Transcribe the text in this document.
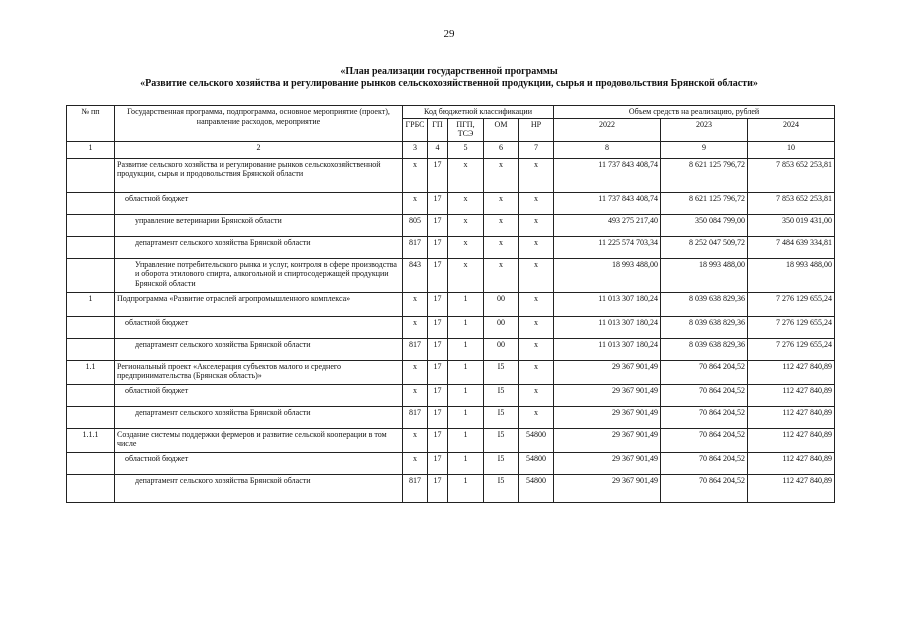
29
«План реализации государственной программы
«Развитие сельского хозяйства и регулирование рынков сельскохозяйственной продукции, сырья и продовольствия Брянской области»
№ пп	Государственная программа, подпрограмма, основное мероприятие (проект), направление расходов, мероприятие	Код бюджетной классификации					Объем средств на реализацию, рублей		
		ГРБС	ГП	ПГП, ТСЭ	ОМ	НР	2022	2023	2024
1	2	3	4	5	6	7	8	9	10
	Развитие сельского хозяйства и регулирование рынков сельскохозяйственной продукции, сырья и продовольствия Брянской области	x	17	x	x	x	11 737 843 408,74	8 621 125 796,72	7 853 652 253,81
	областной бюджет	x	17	x	x	x	11 737 843 408,74	8 621 125 796,72	7 853 652 253,81
	управление ветеринарии Брянской области	805	17	x	x	x	493 275 217,40	350 084 799,00	350 019 431,00
	департамент сельского хозяйства Брянской области	817	17	x	x	x	11 225 574 703,34	8 252 047 509,72	7 484 639 334,81
	Управление потребительского рынка и услуг, контроля в сфере производства и оборота этилового спирта, алкогольной и спиртосодержащей продукции Брянской области	843	17	x	x	x	18 993 488,00	18 993 488,00	18 993 488,00
1	Подпрограмма «Развитие отраслей агропромышленного комплекса»	x	17	1	00	x	11 013 307 180,24	8 039 638 829,36	7 276 129 655,24
	областной бюджет	x	17	1	00	x	11 013 307 180,24	8 039 638 829,36	7 276 129 655,24
	департамент сельского хозяйства Брянской области	817	17	1	00	x	11 013 307 180,24	8 039 638 829,36	7 276 129 655,24
1.1	Региональный проект «Акселерация субъектов малого и среднего предпринимательства (Брянская область)»	x	17	1	I5	x	29 367 901,49	70 864 204,52	112 427 840,89
	областной бюджет	x	17	1	I5	x	29 367 901,49	70 864 204,52	112 427 840,89
	департамент сельского хозяйства Брянской области	817	17	1	I5	x	29 367 901,49	70 864 204,52	112 427 840,89
1.1.1	Создание системы поддержки фермеров и развитие сельской кооперации в том числе	x	17	1	I5	54800	29 367 901,49	70 864 204,52	112 427 840,89
	областной бюджет	x	17	1	I5	54800	29 367 901,49	70 864 204,52	112 427 840,89
	департамент сельского хозяйства Брянской области	817	17	1	I5	54800	29 367 901,49	70 864 204,52	112 427 840,89
